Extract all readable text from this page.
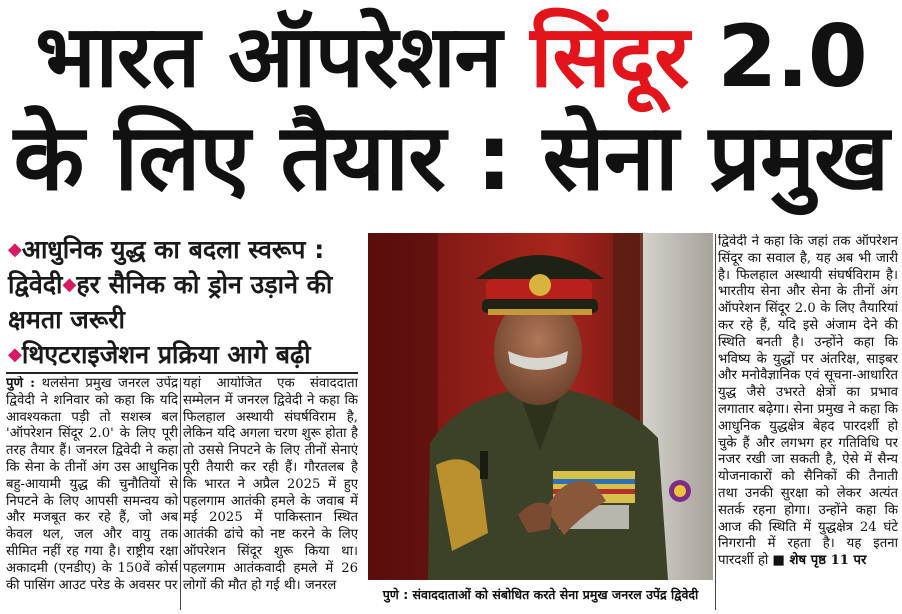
भारत ऑपरेशन सिंदूर 2.0
के लिए तैयार : सेना प्रमुख
◆आधुनिक युद्ध का बदला स्वरूप : द्विवेदी◆हर सैनिक को ड्रोन उड़ाने की क्षमता जरूरी
◆थिएटराइजेशन प्रक्रिया आगे बढ़ी
पुणे : थलसेना प्रमुख जनरल उपेंद्र द्विवेदी ने शनिवार को कहा कि यदि आवश्यकता पड़ी तो सशस्त्र बल 'ऑपरेशन सिंदूर 2.0' के लिए पूरी तरह तैयार हैं। जनरल द्विवेदी ने कहा कि सेना के तीनों अंग उस आधुनिक बहु-आयामी युद्ध की चुनौतियों से निपटने के लिए आपसी समन्वय को और मजबूत कर रहे हैं, जो अब केवल थल, जल और वायु तक सीमित नहीं रह गया है। राष्ट्रीय रक्षा अकादमी (एनडीए) के 150वें कोर्स की पासिंग आउट परेड के अवसर पर
यहां आयोजित एक संवाददाता सम्मेलन में जनरल द्विवेदी ने कहा कि फिलहाल अस्थायी संघर्षविराम है, लेकिन यदि अगला चरण शुरू होता है तो उससे निपटने के लिए तीनों सेनाएं पूरी तैयारी कर रही हैं। गौरतलब है कि भारत ने अप्रैल 2025 में हुए पहलगाम आतंकी हमले के जवाब में मई 2025 में पाकिस्तान स्थित आतंकी ढांचे को नष्ट करने के लिए ऑपरेशन सिंदूर शुरू किया था। पहलगाम आतंकवादी हमले में 26 लोगों की मौत हो गई थी। जनरल
द्विवेदी ने कहा कि जहां तक ऑपरेशन सिंदूर का सवाल है, यह अब भी जारी है। फिलहाल अस्थायी संघर्षविराम है। भारतीय सेना और सेना के तीनों अंग ऑपरेशन सिंदूर 2.0 के लिए तैयारियां कर रहे हैं, यदि इसे अंजाम देने की स्थिति बनती है। उन्होंने कहा कि भविष्य के युद्धों पर अंतरिक्ष, साइबर और मनोवैज्ञानिक एवं सूचना-आधारित युद्ध जैसे उभरते क्षेत्रों का प्रभाव लगातार बढ़ेगा। सेना प्रमुख ने कहा कि आधुनिक युद्धक्षेत्र बेहद पारदर्शी हो चुके हैं और लगभग हर गतिविधि पर नजर रखी जा सकती है, ऐसे में सैन्य योजनाकारों को सैनिकों की तैनाती तथा उनकी सुरक्षा को लेकर अत्यंत सतर्क रहना होगा। उन्होंने कहा कि आज की स्थिति में युद्धक्षेत्र 24 घंटे निगरानी में रहता है। यह इतना पारदर्शी हो ■ शेष पृष्ठ 11 पर
पुणे : संवाददाताओं को संबोधित करते सेना प्रमुख जनरल उपेंद्र द्विवेदी
